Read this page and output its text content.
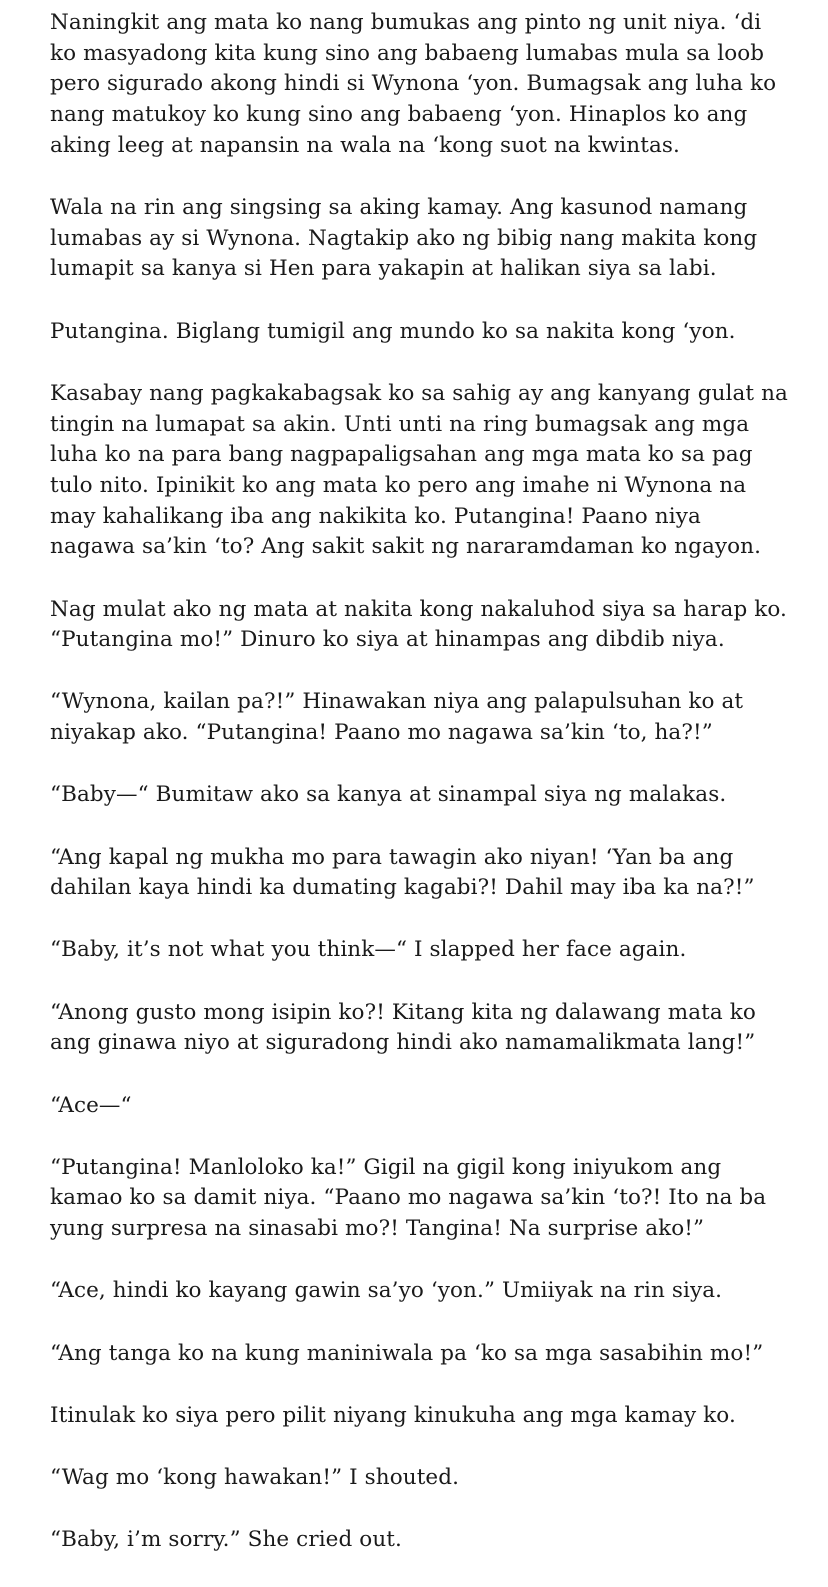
Naningkit ang mata ko nang bumukas ang pinto ng unit niya. ‘di ko masyadong kita kung sino ang babaeng lumabas mula sa loob pero sigurado akong hindi si Wynona ‘yon. Bumagsak ang luha ko nang matukoy ko kung sino ang babaeng ‘yon. Hinaplos ko ang aking leeg at napansin na wala na ‘kong suot na kwintas.

Wala na rin ang singsing sa aking kamay. Ang kasunod namang lumabas ay si Wynona. Nagtakip ako ng bibig nang makita kong lumapit sa kanya si Hen para yakapin at halikan siya sa labi.

Putangina. Biglang tumigil ang mundo ko sa nakita kong ‘yon.

Kasabay nang pagkakabagsak ko sa sahig ay ang kanyang gulat na tingin na lumapat sa akin. Unti unti na ring bumagsak ang mga luha ko na para bang nagpapaligsahan ang mga mata ko sa pag tulo nito. Ipinikit ko ang mata ko pero ang imahe ni Wynona na may kahalikang iba ang nakikita ko. Putangina! Paano niya nagawa sa’kin ‘to? Ang sakit sakit ng nararamdaman ko ngayon.

Nag mulat ako ng mata at nakita kong nakaluhod siya sa harap ko. “Putangina mo!” Dinuro ko siya at hinampas ang dibdib niya.

“Wynona, kailan pa?!” Hinawakan niya ang palapulsuhan ko at niyakap ako. “Putangina! Paano mo nagawa sa’kin ‘to, ha?!”

“Baby—“ Bumitaw ako sa kanya at sinampal siya ng malakas.

“Ang kapal ng mukha mo para tawagin ako niyan! ‘Yan ba ang dahilan kaya hindi ka dumating kagabi?! Dahil may iba ka na?!”

“Baby, it’s not what you think—“ I slapped her face again.

“Anong gusto mong isipin ko?! Kitang kita ng dalawang mata ko ang ginawa niyo at siguradong hindi ako namamalikmata lang!”

“Ace—“

“Putangina! Manloloko ka!” Gigil na gigil kong iniyukom ang kamao ko sa damit niya. “Paano mo nagawa sa’kin ‘to?! Ito na ba yung surpresa na sinasabi mo?! Tangina! Na surprise ako!”

“Ace, hindi ko kayang gawin sa’yo ‘yon.” Umiiyak na rin siya.

“Ang tanga ko na kung maniniwala pa ‘ko sa mga sasabihin mo!”

Itinulak ko siya pero pilit niyang kinukuha ang mga kamay ko.

“Wag mo ‘kong hawakan!” I shouted.

“Baby, i’m sorry.” She cried out.
